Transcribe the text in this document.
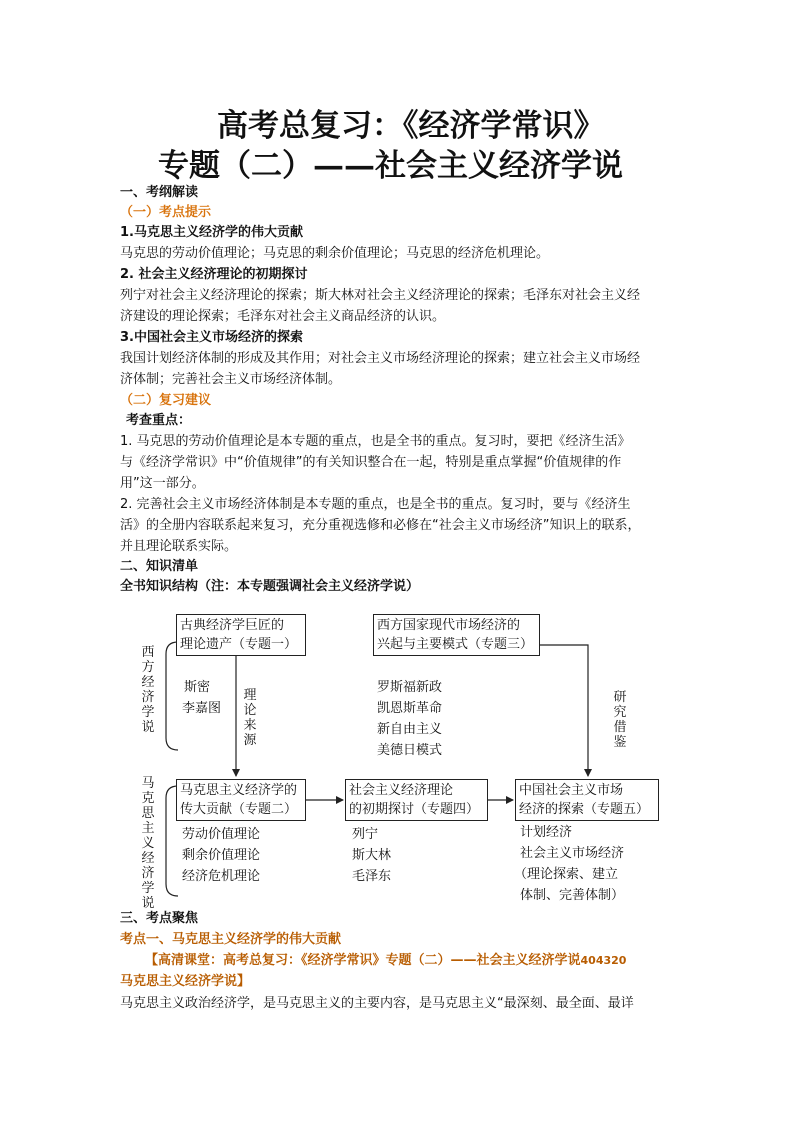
高考总复习：《经济学常识》
专题（二）——社会主义经济学说
一、考纲解读
（一）考点提示
1.马克思主义经济学的伟大贡献
马克思的劳动价值理论；马克思的剩余价值理论；马克思的经济危机理论。
2. 社会主义经济理论的初期探讨
列宁对社会主义经济理论的探索；斯大林对社会主义经济理论的探索；毛泽东对社会主义经
济建设的理论探索；毛泽东对社会主义商品经济的认识。
3.中国社会主义市场经济的探索
我国计划经济体制的形成及其作用；对社会主义市场经济理论的探索；建立社会主义市场经
济体制；完善社会主义市场经济体制。
（二）复习建议
考查重点：
1. 马克思的劳动价值理论是本专题的重点，也是全书的重点。复习时，要把《经济生活》
与《经济学常识》中“价值规律”的有关知识整合在一起，特别是重点掌握“价值规律的作
用”这一部分。
2. 完善社会主义市场经济体制是本专题的重点，也是全书的重点。复习时，要与《经济生
活》的全册内容联系起来复习，充分重视选修和必修在“社会主义市场经济”知识上的联系，
并且理论联系实际。
二、知识清单
全书知识结构（注：本专题强调社会主义经济学说）
古典经济学巨匠的
理论遗产（专题一）
西方国家现代市场经济的
兴起与主要模式（专题三）
马克思主义经济学的
传大贡献（专题二）
社会主义经济理论
的初期探讨（专题四）
中国社会主义市场
经济的探索（专题五）
西方经济学说
马克思主义经济学说
理论来源
研究借鉴
斯密
李嘉图
罗斯福新政
凯恩斯革命
新自由主义
美德日模式
劳动价值理论
剩余价值理论
经济危机理论
列宁
斯大林
毛泽东
计划经济
社会主义市场经济
（理论探索、建立
体制、完善体制）
三、考点聚焦
考点一、马克思主义经济学的伟大贡献
【高清课堂：高考总复习：《经济学常识》专题（二）——社会主义经济学说404320
马克思主义经济学说】
马克思主义政治经济学，是马克思主义的主要内容，是马克思主义“最深刻、最全面、最详
